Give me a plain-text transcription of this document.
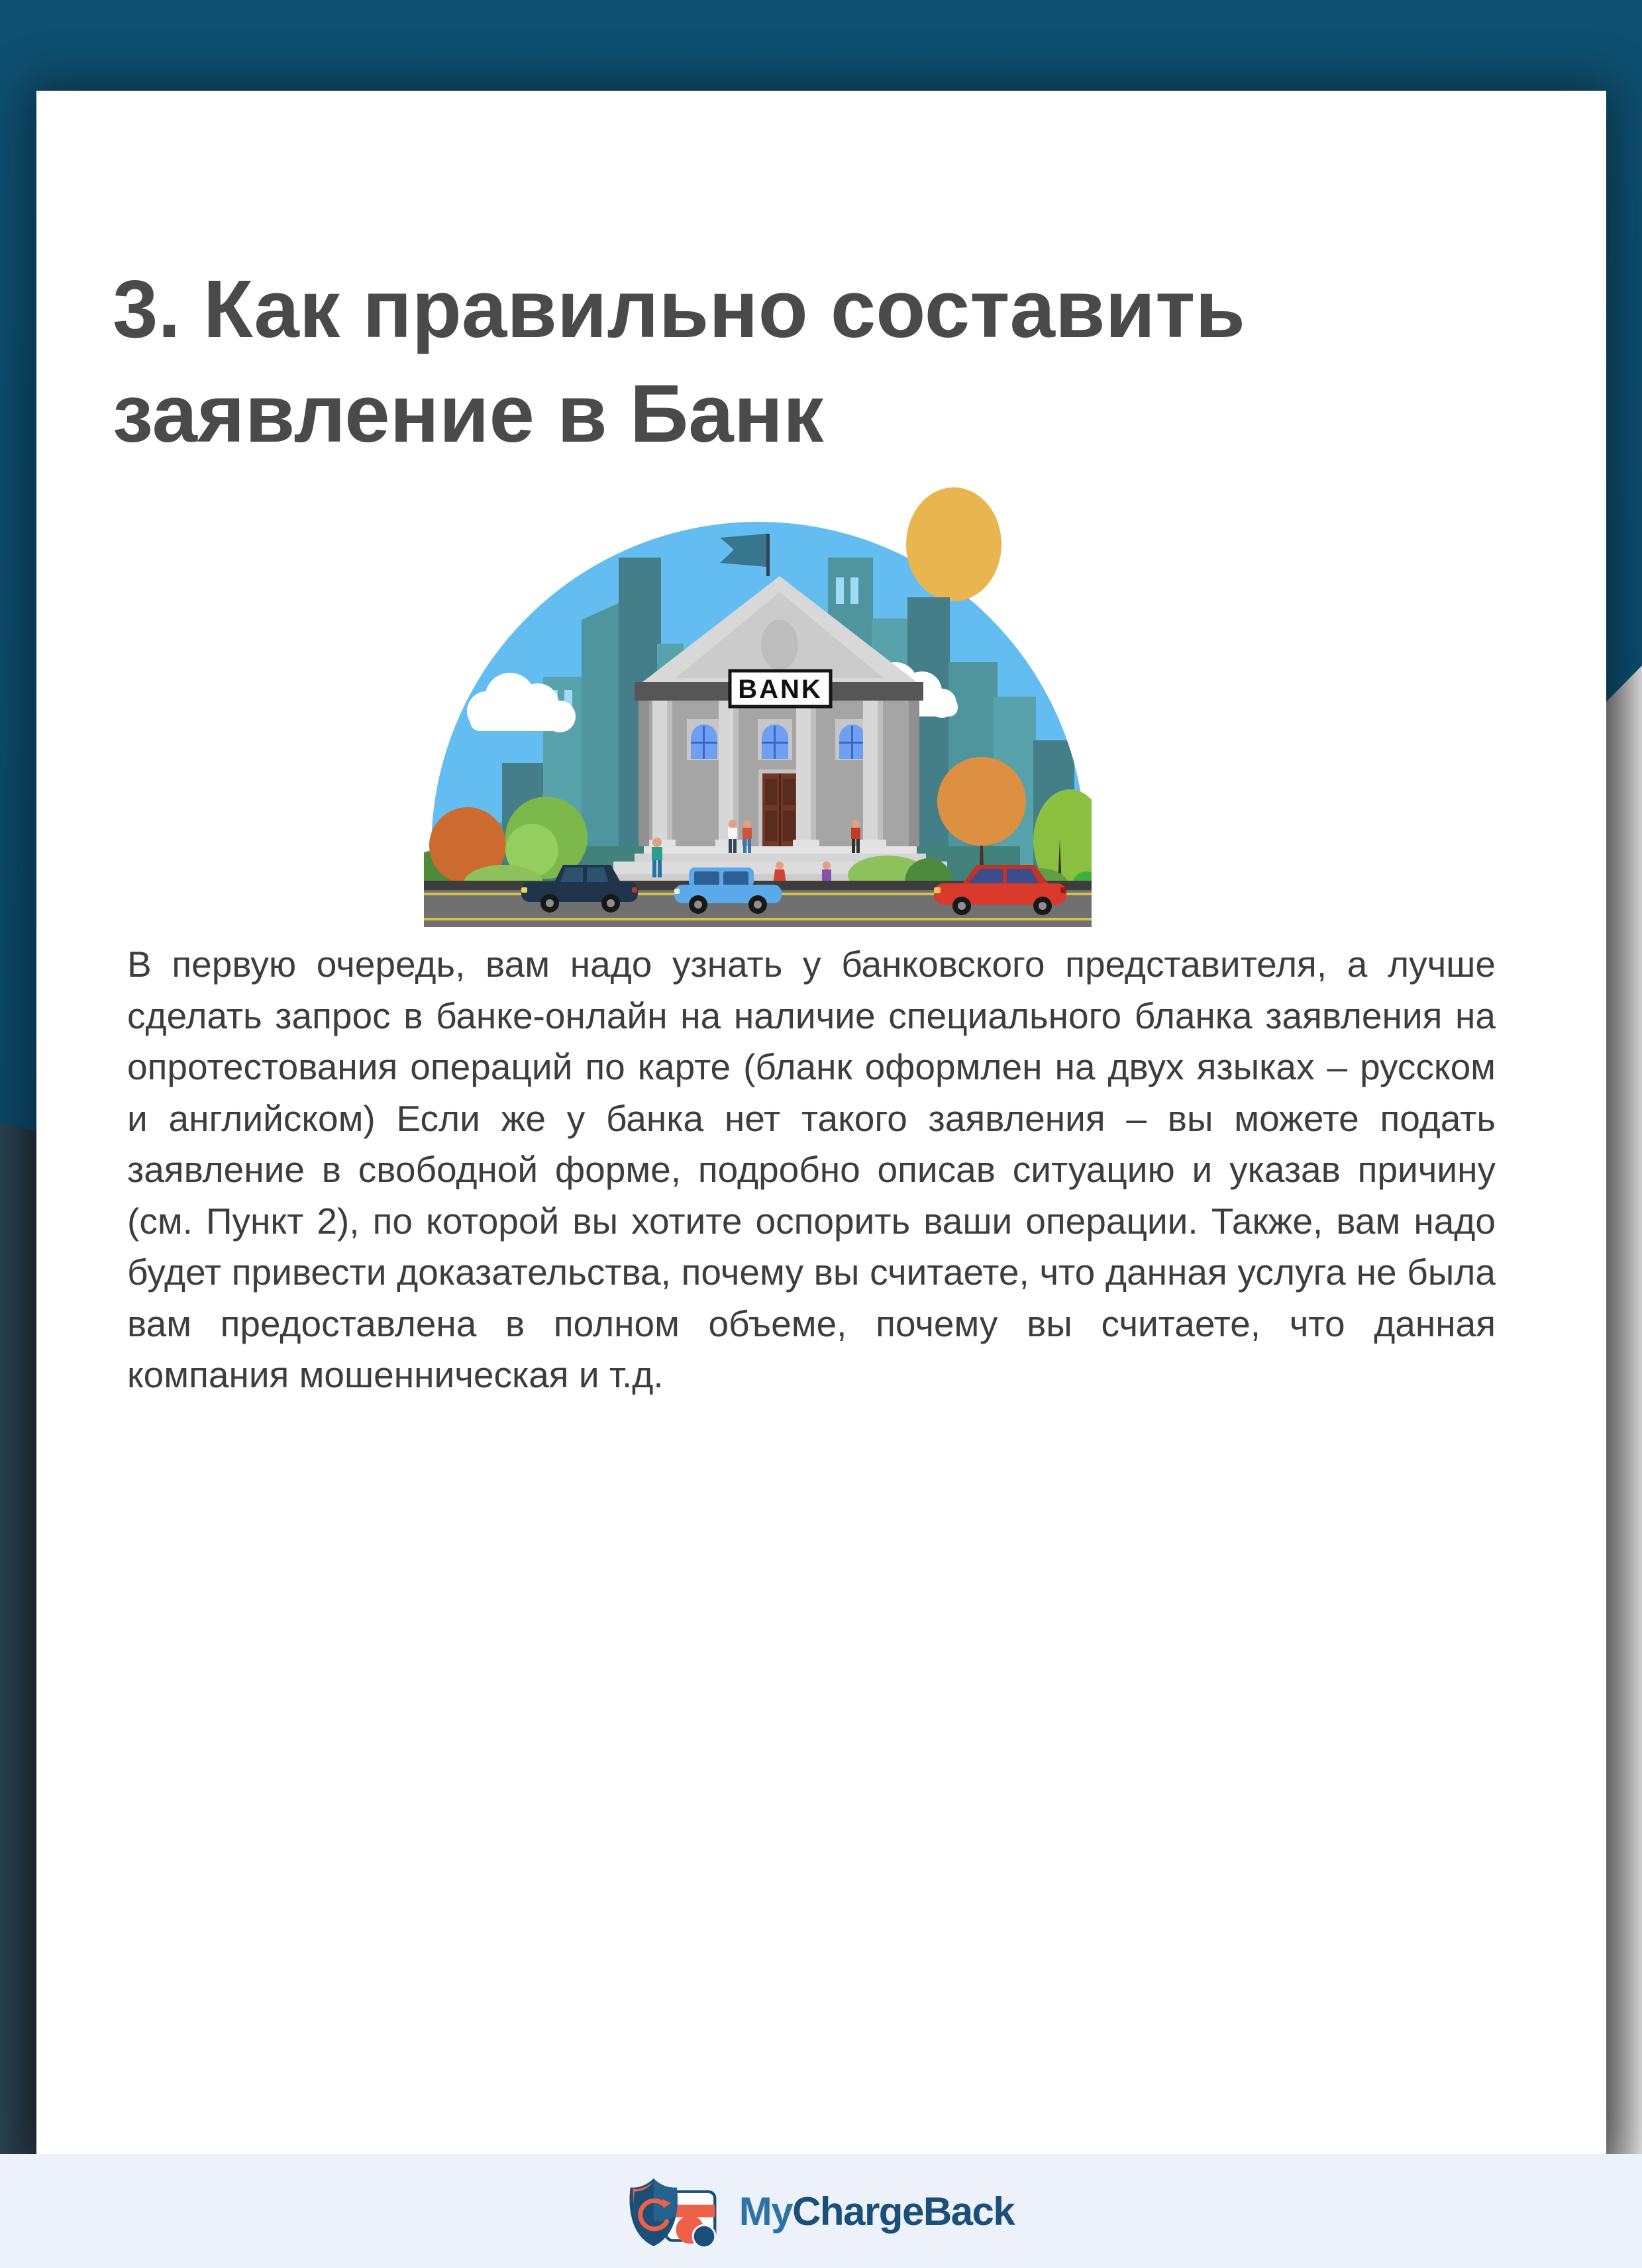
3. Как правильно составить
заявление в Банк
BANK
В первую очередь, вам надо узнать у банковского представителя, а лучше сделать запрос в банке-онлайн на наличие специального бланка заявления на опротестования операций по карте (бланк оформлен на двух языках – русском и английском) Если же у банка нет такого заявления – вы можете подать заявление в свободной форме, подробно описав ситуацию и указав причину (см. Пункт 2), по которой вы хотите оспорить ваши операции. Также, вам надо будет привести доказательства, почему вы считаете, что данная услуга не была вам предоставлена в полном объеме, почему вы считаете, что данная компания мошенническая и т.д.
MyChargeBack
